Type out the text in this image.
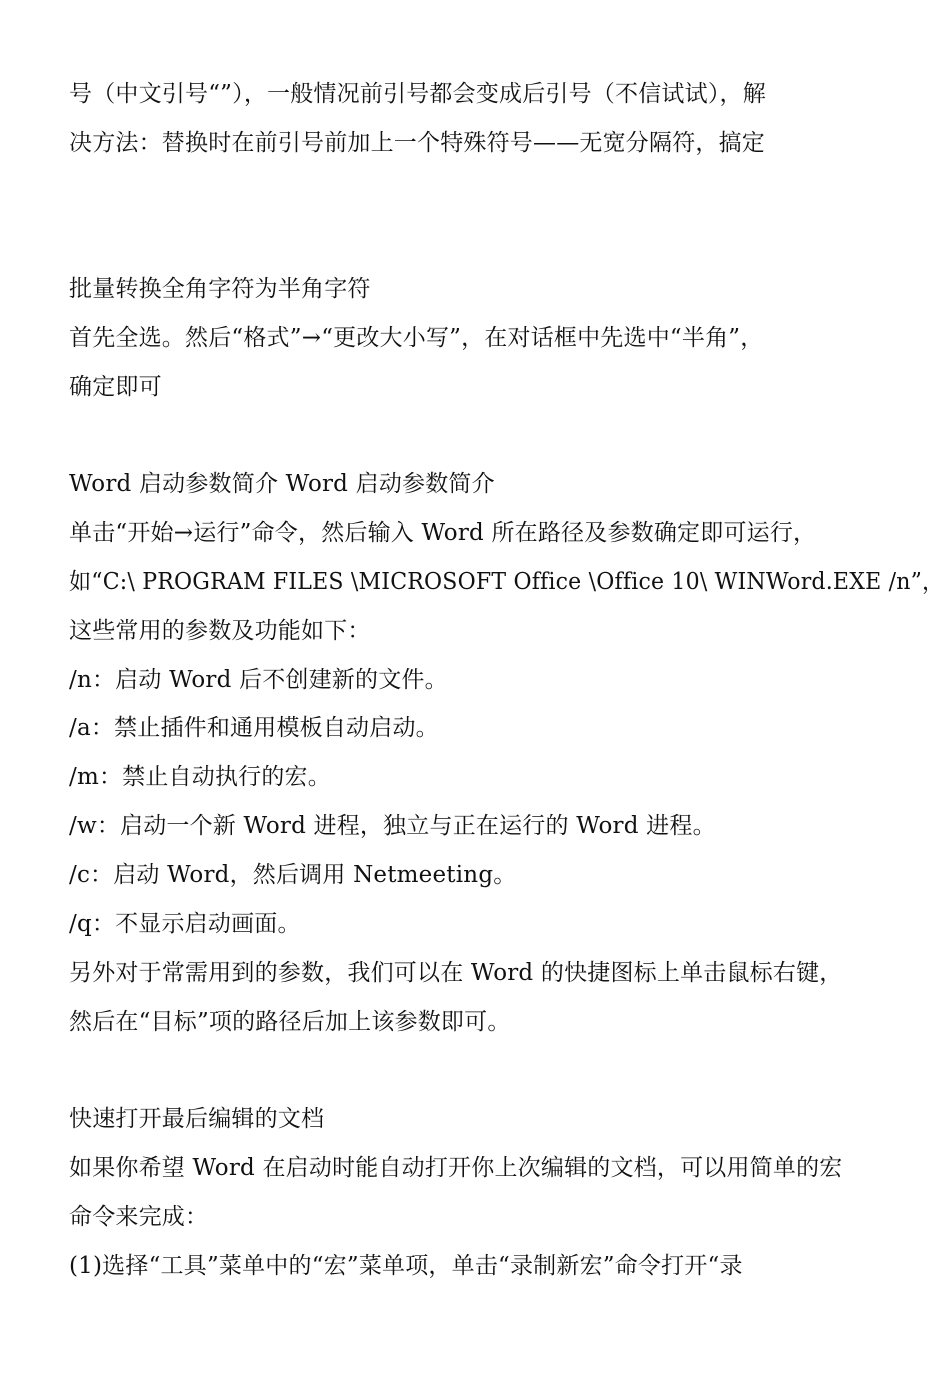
号（中文引号“”），一般情况前引号都会变成后引号（不信试试），解
决方法：替换时在前引号前加上一个特殊符号——无宽分隔符，搞定
批量转换全角字符为半角字符
首先全选。然后“格式”→“更改大小写”，在对话框中先选中“半角”，
确定即可
Word 启动参数简介 Word 启动参数简介
单击“开始→运行”命令，然后输入 Word 所在路径及参数确定即可运行，
如“C:\ PROGRAM FILES \MICROSOFT Office \Office 10\ WINWord.EXE /n”，
这些常用的参数及功能如下：
/n：启动 Word 后不创建新的文件。
/a：禁止插件和通用模板自动启动。
/m：禁止自动执行的宏。
/w：启动一个新 Word 进程，独立与正在运行的 Word 进程。
/c：启动 Word，然后调用 Netmeeting。
/q：不显示启动画面。
另外对于常需用到的参数，我们可以在 Word 的快捷图标上单击鼠标右键，
然后在“目标”项的路径后加上该参数即可。
快速打开最后编辑的文档
如果你希望 Word 在启动时能自动打开你上次编辑的文档，可以用简单的宏
命令来完成：
(1)选择“工具”菜单中的“宏”菜单项，单击“录制新宏”命令打开“录
